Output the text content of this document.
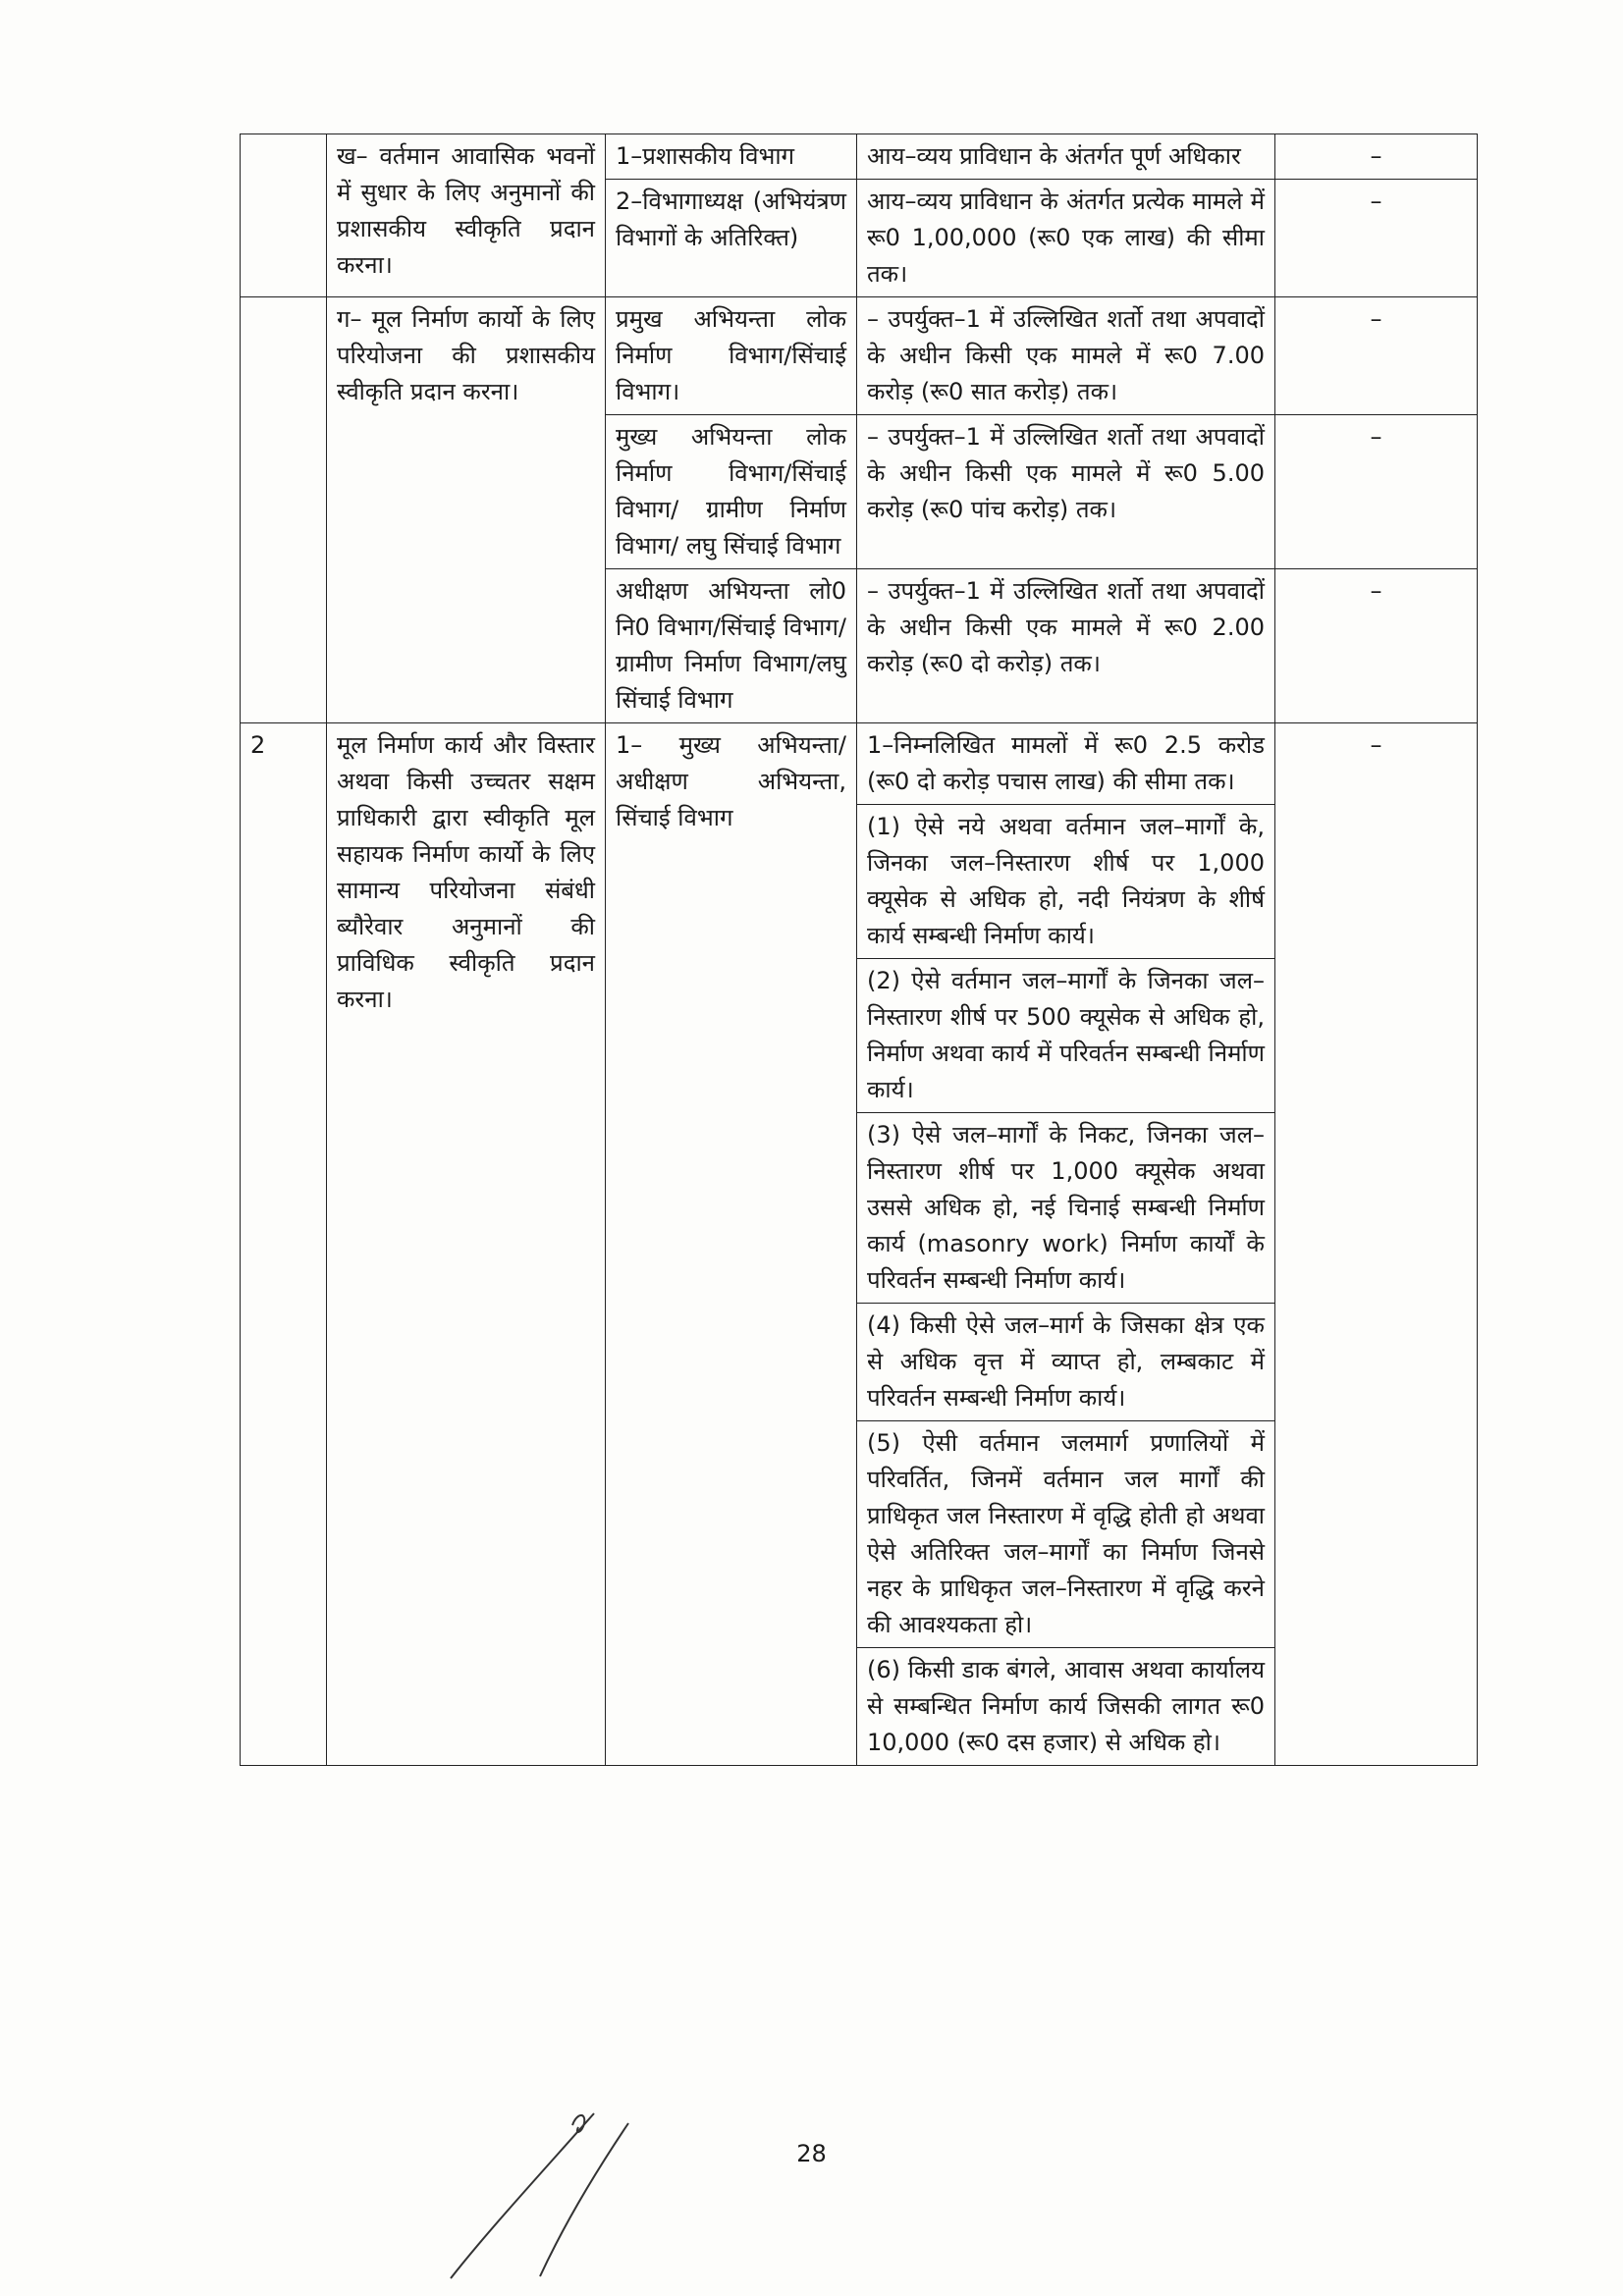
	ख– वर्तमान आवासिक भवनों में सुधार के लिए अनुमानों की प्रशासकीय स्वीकृति प्रदान करना।	1–प्रशासकीय विभाग	आय–व्यय प्राविधान के अंतर्गत पूर्ण अधिकार	–
		2–विभागाध्यक्ष (अभियंत्रण विभागों के अतिरिक्त)	आय–व्यय प्राविधान के अंतर्गत प्रत्येक मामले में रू0 1,00,000 (रू0 एक लाख) की सीमा तक।	–
	ग– मूल निर्माण कार्यो के लिए परियोजना की प्रशासकीय स्वीकृति प्रदान करना।	प्रमुख अभियन्ता लोक निर्माण विभाग/सिंचाई विभाग।	– उपर्युक्त–1 में उल्लिखित शर्तो तथा अपवादों के अधीन किसी एक मामले में रू0 7.00 करोड़ (रू0 सात करोड़) तक।	–
		मुख्य अभियन्ता लोक निर्माण विभाग/सिंचाई विभाग/ ग्रामीण निर्माण विभाग/ लघु सिंचाई विभाग	– उपर्युक्त–1 में उल्लिखित शर्तो तथा अपवादों के अधीन किसी एक मामले में रू0 5.00 करोड़ (रू0 पांच करोड़) तक।	–
		अधीक्षण अभियन्ता लो0 नि0 विभाग/सिंचाई विभाग/ ग्रामीण निर्माण विभाग/लघु सिंचाई विभाग	– उपर्युक्त–1 में उल्लिखित शर्तो तथा अपवादों के अधीन किसी एक मामले में रू0 2.00 करोड़ (रू0 दो करोड़) तक।	–
2	मूल निर्माण कार्य और विस्तार अथवा किसी उच्चतर सक्षम प्राधिकारी द्वारा स्वीकृति मूल सहायक निर्माण कार्यो के लिए सामान्य परियोजना संबंधी ब्यौरेवार अनुमानों की प्राविधिक स्वीकृति प्रदान करना।	1– मुख्य अभियन्ता/ अधीक्षण अभियन्ता, सिंचाई विभाग	1–निम्नलिखित मामलों में रू0 2.5 करोड (रू0 दो करोड़ पचास लाख) की सीमा तक।	–
			(1) ऐसे नये अथवा वर्तमान जल–मार्गों के, जिनका जल–निस्तारण शीर्ष पर 1,000 क्यूसेक से अधिक हो, नदी नियंत्रण के शीर्ष कार्य सम्बन्धी निर्माण कार्य।	
			(2) ऐसे वर्तमान जल–मार्गों के जिनका जल–निस्तारण शीर्ष पर 500 क्यूसेक से अधिक हो, निर्माण अथवा कार्य में परिवर्तन सम्बन्धी निर्माण कार्य।	
			(3) ऐसे जल–मार्गों के निकट, जिनका जल–निस्तारण शीर्ष पर 1,000 क्यूसेक अथवा उससे अधिक हो, नई चिनाई सम्बन्धी निर्माण कार्य (masonry work) निर्माण कार्यों के परिवर्तन सम्बन्धी निर्माण कार्य।	
			(4) किसी ऐसे जल–मार्ग के जिसका क्षेत्र एक से अधिक वृत्त में व्याप्त हो, लम्बकाट में परिवर्तन सम्बन्धी निर्माण कार्य।	
			(5) ऐसी वर्तमान जलमार्ग प्रणालियों में परिवर्तित, जिनमें वर्तमान जल मार्गों की प्राधिकृत जल निस्तारण में वृद्धि होती हो अथवा ऐसे अतिरिक्त जल–मार्गों का निर्माण जिनसे नहर के प्राधिकृत जल–निस्तारण में वृद्धि करने की आवश्यकता हो।	
			(6) किसी डाक बंगले, आवास अथवा कार्यालय से सम्बन्धित निर्माण कार्य जिसकी लागत रू0 10,000 (रू0 दस हजार) से अधिक हो।	
28
